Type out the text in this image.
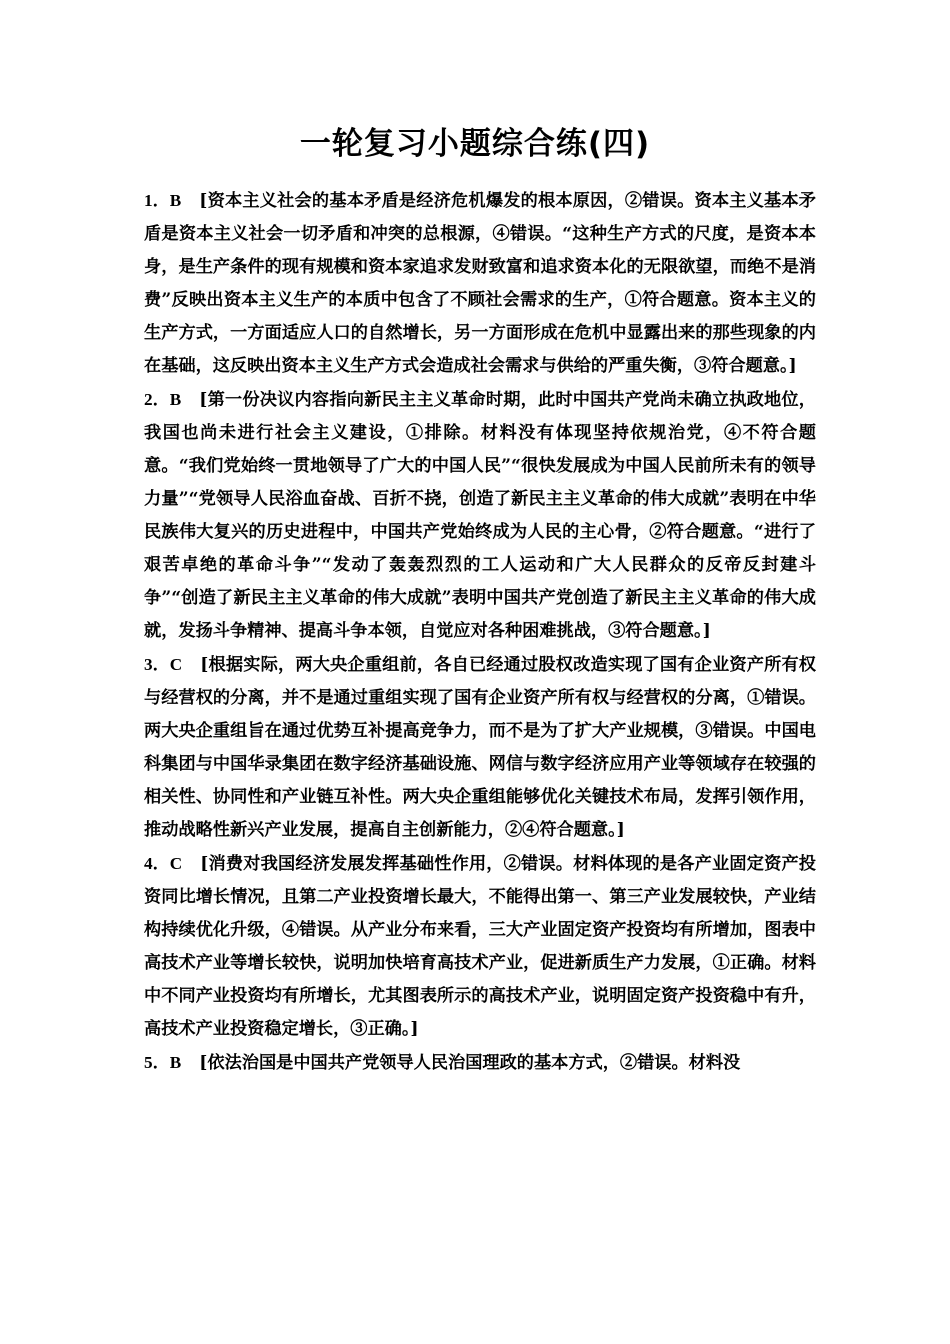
一轮复习小题综合练(四)

1．B [资本主义社会的基本矛盾是经济危机爆发的根本原因，②错误。资本主义基本矛盾是资本主义社会一切矛盾和冲突的总根源，④错误。“这种生产方式的尺度，是资本本身，是生产条件的现有规模和资本家追求发财致富和追求资本化的无限欲望，而绝不是消费”反映出资本主义生产的本质中包含了不顾社会需求的生产，①符合题意。资本主义的生产方式，一方面适应人口的自然增长，另一方面形成在危机中显露出来的那些现象的内在基础，这反映出资本主义生产方式会造成社会需求与供给的严重失衡，③符合题意。]

2．B [第一份决议内容指向新民主主义革命时期，此时中国共产党尚未确立执政地位，我国也尚未进行社会主义建设，①排除。材料没有体现坚持依规治党，④不符合题意。“我们党始终一贯地领导了广大的中国人民”“很快发展成为中国人民前所未有的领导力量”“党领导人民浴血奋战、百折不挠，创造了新民主主义革命的伟大成就”表明在中华民族伟大复兴的历史进程中，中国共产党始终成为人民的主心骨，②符合题意。“进行了艰苦卓绝的革命斗争”“发动了轰轰烈烈的工人运动和广大人民群众的反帝反封建斗争”“创造了新民主主义革命的伟大成就”表明中国共产党创造了新民主主义革命的伟大成就，发扬斗争精神、提高斗争本领，自觉应对各种困难挑战，③符合题意。]

3．C [根据实际，两大央企重组前，各自已经通过股权改造实现了国有企业资产所有权与经营权的分离，并不是通过重组实现了国有企业资产所有权与经营权的分离，①错误。两大央企重组旨在通过优势互补提高竞争力，而不是为了扩大产业规模，③错误。中国电科集团与中国华录集团在数字经济基础设施、网信与数字经济应用产业等领域存在较强的相关性、协同性和产业链互补性。两大央企重组能够优化关键技术布局，发挥引领作用，推动战略性新兴产业发展，提高自主创新能力，②④符合题意。]

4．C [消费对我国经济发展发挥基础性作用，②错误。材料体现的是各产业固定资产投资同比增长情况，且第二产业投资增长最大，不能得出第一、第三产业发展较快，产业结构持续优化升级，④错误。从产业分布来看，三大产业固定资产投资均有所增加，图表中高技术产业等增长较快，说明加快培育高技术产业，促进新质生产力发展，①正确。材料中不同产业投资均有所增长，尤其图表所示的高技术产业，说明固定资产投资稳中有升，高技术产业投资稳定增长，③正确。]

5．B [依法治国是中国共产党领导人民治国理政的基本方式，②错误。材料没
